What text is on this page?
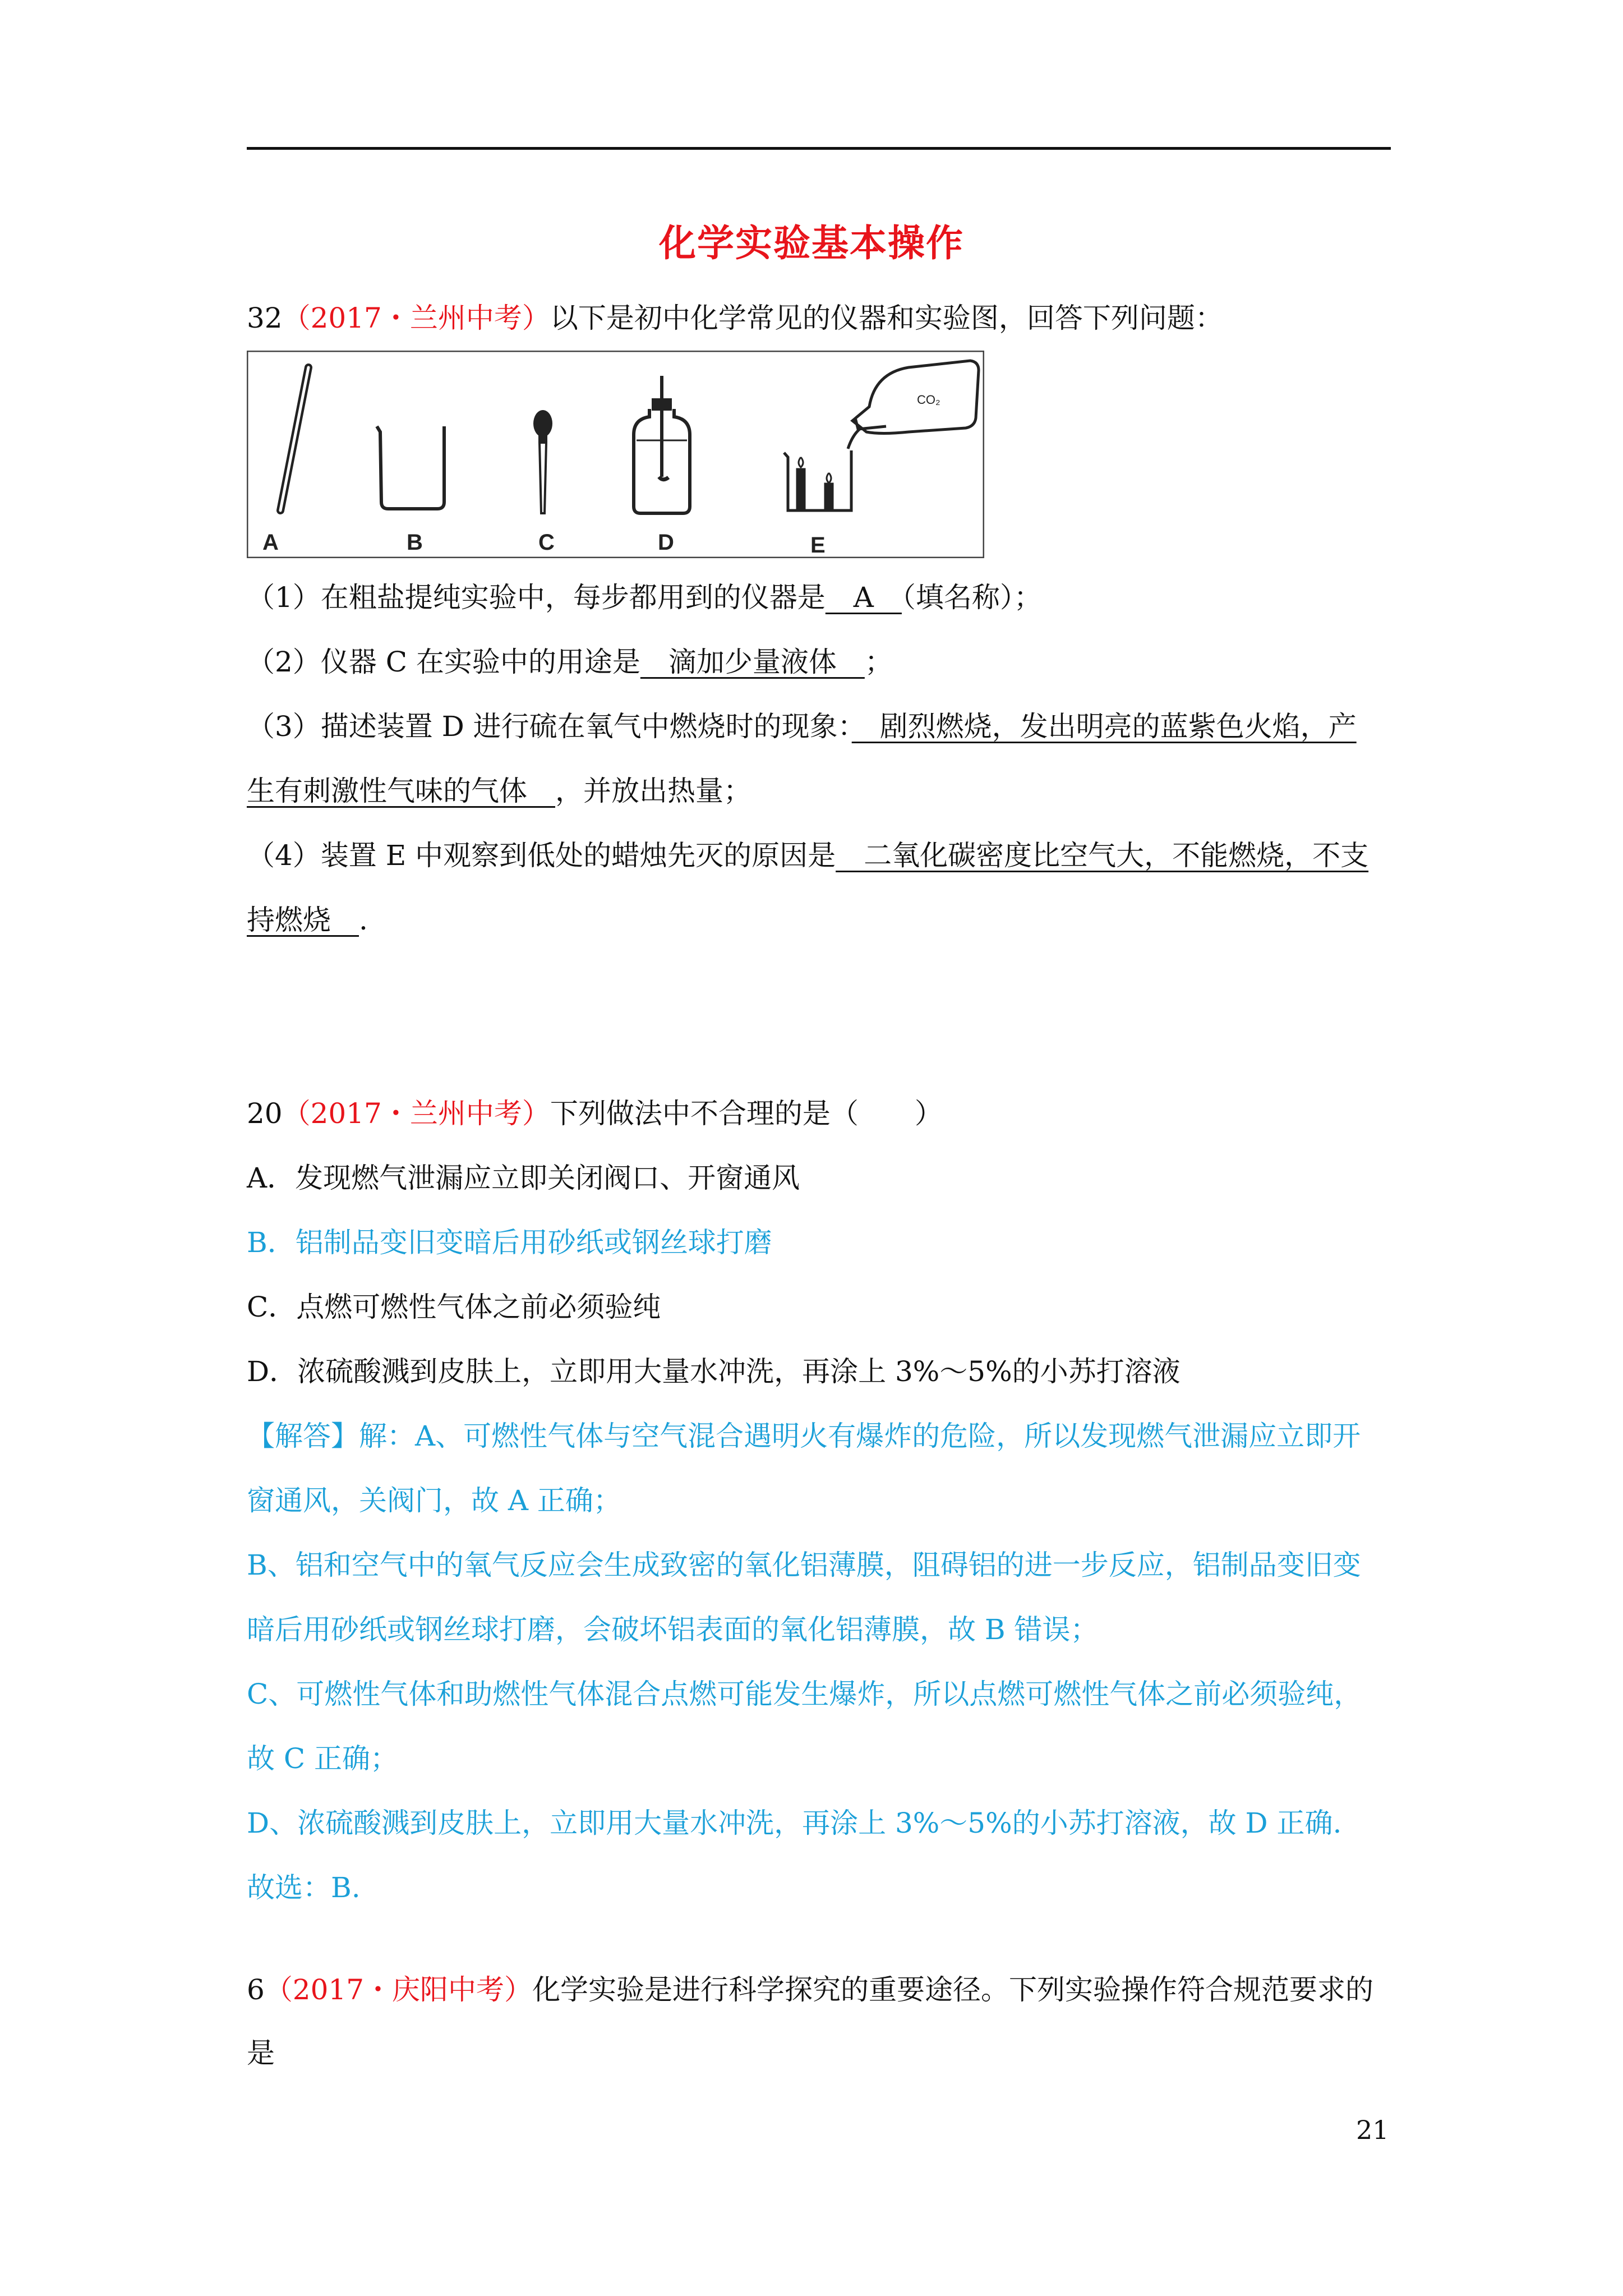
化学实验基本操作
32（2017・兰州中考）以下是初中化学常见的仪器和实验图，回答下列问题：
CO₂
A	B	C	D	E
（1）在粗盐提纯实验中，每步都用到的仪器是　A　（填名称）；
（2）仪器 C 在实验中的用途是　滴加少量液体　；
（3）描述装置 D 进行硫在氧气中燃烧时的现象：　剧烈燃烧，发出明亮的蓝紫色火焰，产
生有刺激性气味的气体　，并放出热量；
（4）装置 E 中观察到低处的蜡烛先灭的原因是　二氧化碳密度比空气大，不能燃烧，不支
持燃烧　.
20（2017・兰州中考）下列做法中不合理的是（　　）
A．发现燃气泄漏应立即关闭阀口、开窗通风
B．铝制品变旧变暗后用砂纸或钢丝球打磨
C．点燃可燃性气体之前必须验纯
D．浓硫酸溅到皮肤上，立即用大量水冲洗，再涂上 3%～5%的小苏打溶液
【解答】解：A、可燃性气体与空气混合遇明火有爆炸的危险，所以发现燃气泄漏应立即开
窗通风，关阀门，故 A 正确；
B、铝和空气中的氧气反应会生成致密的氧化铝薄膜，阻碍铝的进一步反应，铝制品变旧变
暗后用砂纸或钢丝球打磨，会破坏铝表面的氧化铝薄膜，故 B 错误；
C、可燃性气体和助燃性气体混合点燃可能发生爆炸，所以点燃可燃性气体之前必须验纯，
故 C 正确；
D、浓硫酸溅到皮肤上，立即用大量水冲洗，再涂上 3%～5%的小苏打溶液，故 D 正确.
故选：B.
6（2017・庆阳中考）化学实验是进行科学探究的重要途径。下列实验操作符合规范要求的
是
21
